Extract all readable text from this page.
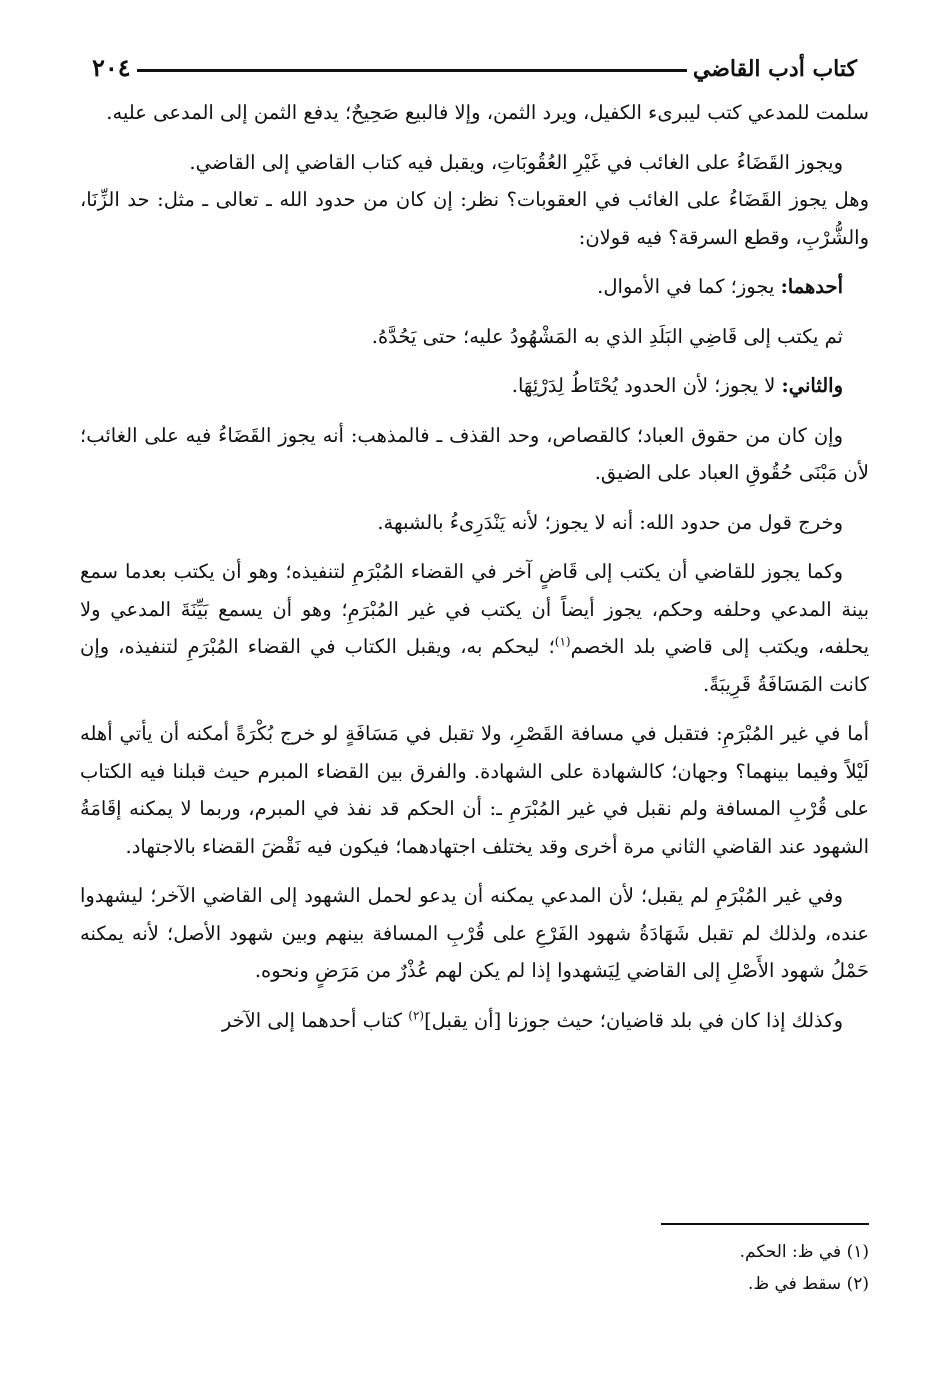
كتاب أدب القاضي
٢٠٤

سلمت للمدعي كتب ليبرىء الكفيل، ويرد الثمن، وإلا فالبيع صَحِيحٌ؛ يدفع الثمن إلى المدعى عليه.

ويجوز القَضَاءُ على الغائب في غَيْرِ العُقُوبَاتِ، ويقبل فيه كتاب القاضي إلى القاضي.

وهل يجوز القَضَاءُ على الغائب في العقوبات؟ نظر: إن كان من حدود الله ـ تعالى ـ مثل: حد الزِّنَا، والشُّرْبِ، وقطع السرقة؟ فيه قولان:

أحدهما: يجوز؛ كما في الأموال.

ثم يكتب إلى قَاضِي البَلَدِ الذي به المَشْهُودُ عليه؛ حتى يَحُدَّهُ.

والثاني: لا يجوز؛ لأن الحدود يُحْتَاطُ لِدَرْئِهَا.

وإن كان من حقوق العباد؛ كالقصاص، وحد القذف ـ فالمذهب: أنه يجوز القَضَاءُ فيه على الغائب؛ لأن مَبْنَى حُقُوقِ العباد على الضيق.

وخرج قول من حدود الله: أنه لا يجوز؛ لأنه يَنْدَرِىءُ بالشبهة.

وكما يجوز للقاضي أن يكتب إلى قَاضٍ آخر في القضاء المُبْرَمِ لتنفيذه؛ وهو أن يكتب بعدما سمع بينة المدعي وحلفه وحكم، يجوز أيضاً أن يكتب في غير المُبْرَمِ؛ وهو أن يسمع بَيِّنَةَ المدعي ولا يحلفه، ويكتب إلى قاضي بلد الخصم$^{(١)}$؛ ليحكم به، ويقبل الكتاب في القضاء المُبْرَمِ لتنفيذه، وإن كانت المَسَافَةُ قَرِيبَةً.

أما في غير المُبْرَمِ: فتقبل في مسافة القَصْرِ، ولا تقبل في مَسَافَةٍ لو خرج بُكْرَةً أمكنه أن يأتي أهله لَيْلاً وفيما بينهما؟ وجهان؛ كالشهادة على الشهادة. والفرق بين القضاء المبرم حيث قبلنا فيه الكتاب على قُرْبِ المسافة ولم نقبل في غير المُبْرَمِ ـ: أن الحكم قد نفذ في المبرم، وربما لا يمكنه إقَامَةُ الشهود عند القاضي الثاني مرة أخرى وقد يختلف اجتهادهما؛ فيكون فيه نَقْضَ القضاء بالاجتهاد.

وفي غير المُبْرَمِ لم يقبل؛ لأن المدعي يمكنه أن يدعو لحمل الشهود إلى القاضي الآخر؛ ليشهدوا عنده، ولذلك لم تقبل شَهَادَةُ شهود الفَرْعِ على قُرْبِ المسافة بينهم وبين شهود الأصل؛ لأنه يمكنه حَمْلُ شهود الأَصْلِ إلى القاضي لِيَشهدوا إذا لم يكن لهم عُذْرٌ من مَرَضٍ ونحوه.

وكذلك إذا كان في بلد قاضيان؛ حيث جوزنا [أن يقبل]$^{(٢)}$ كتاب أحدهما إلى الآخر

(١) في ظ: الحكم.

(٢) سقط في ظ.
